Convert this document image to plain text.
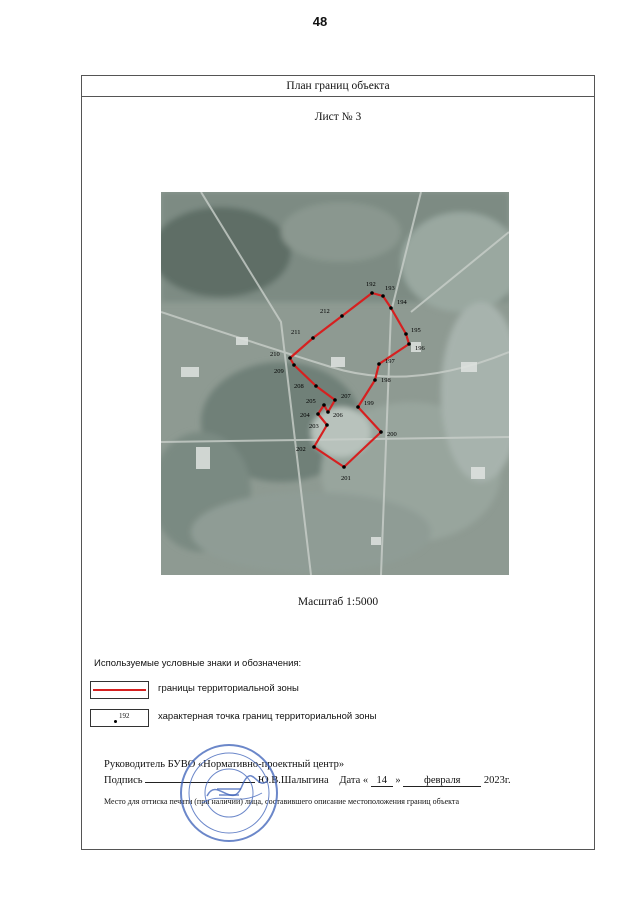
48
План границ объекта
Лист № 3
192
193
194
195
196
197
198
199
200
201
202
203
204
205
206
207
208
209
210
211
212
Масштаб 1:5000
Используемые условные знаки и обозначения:
границы территориальной зоны
192	характерная точка границ территориальной зоны
Руководитель БУВО «Нормативно-проектный центр»
Подпись	Ю.В.Шалыгина Дата « 14 » февраля 2023г.
Место для оттиска печати (при наличии) лица, составившего описание местоположения границ объекта
